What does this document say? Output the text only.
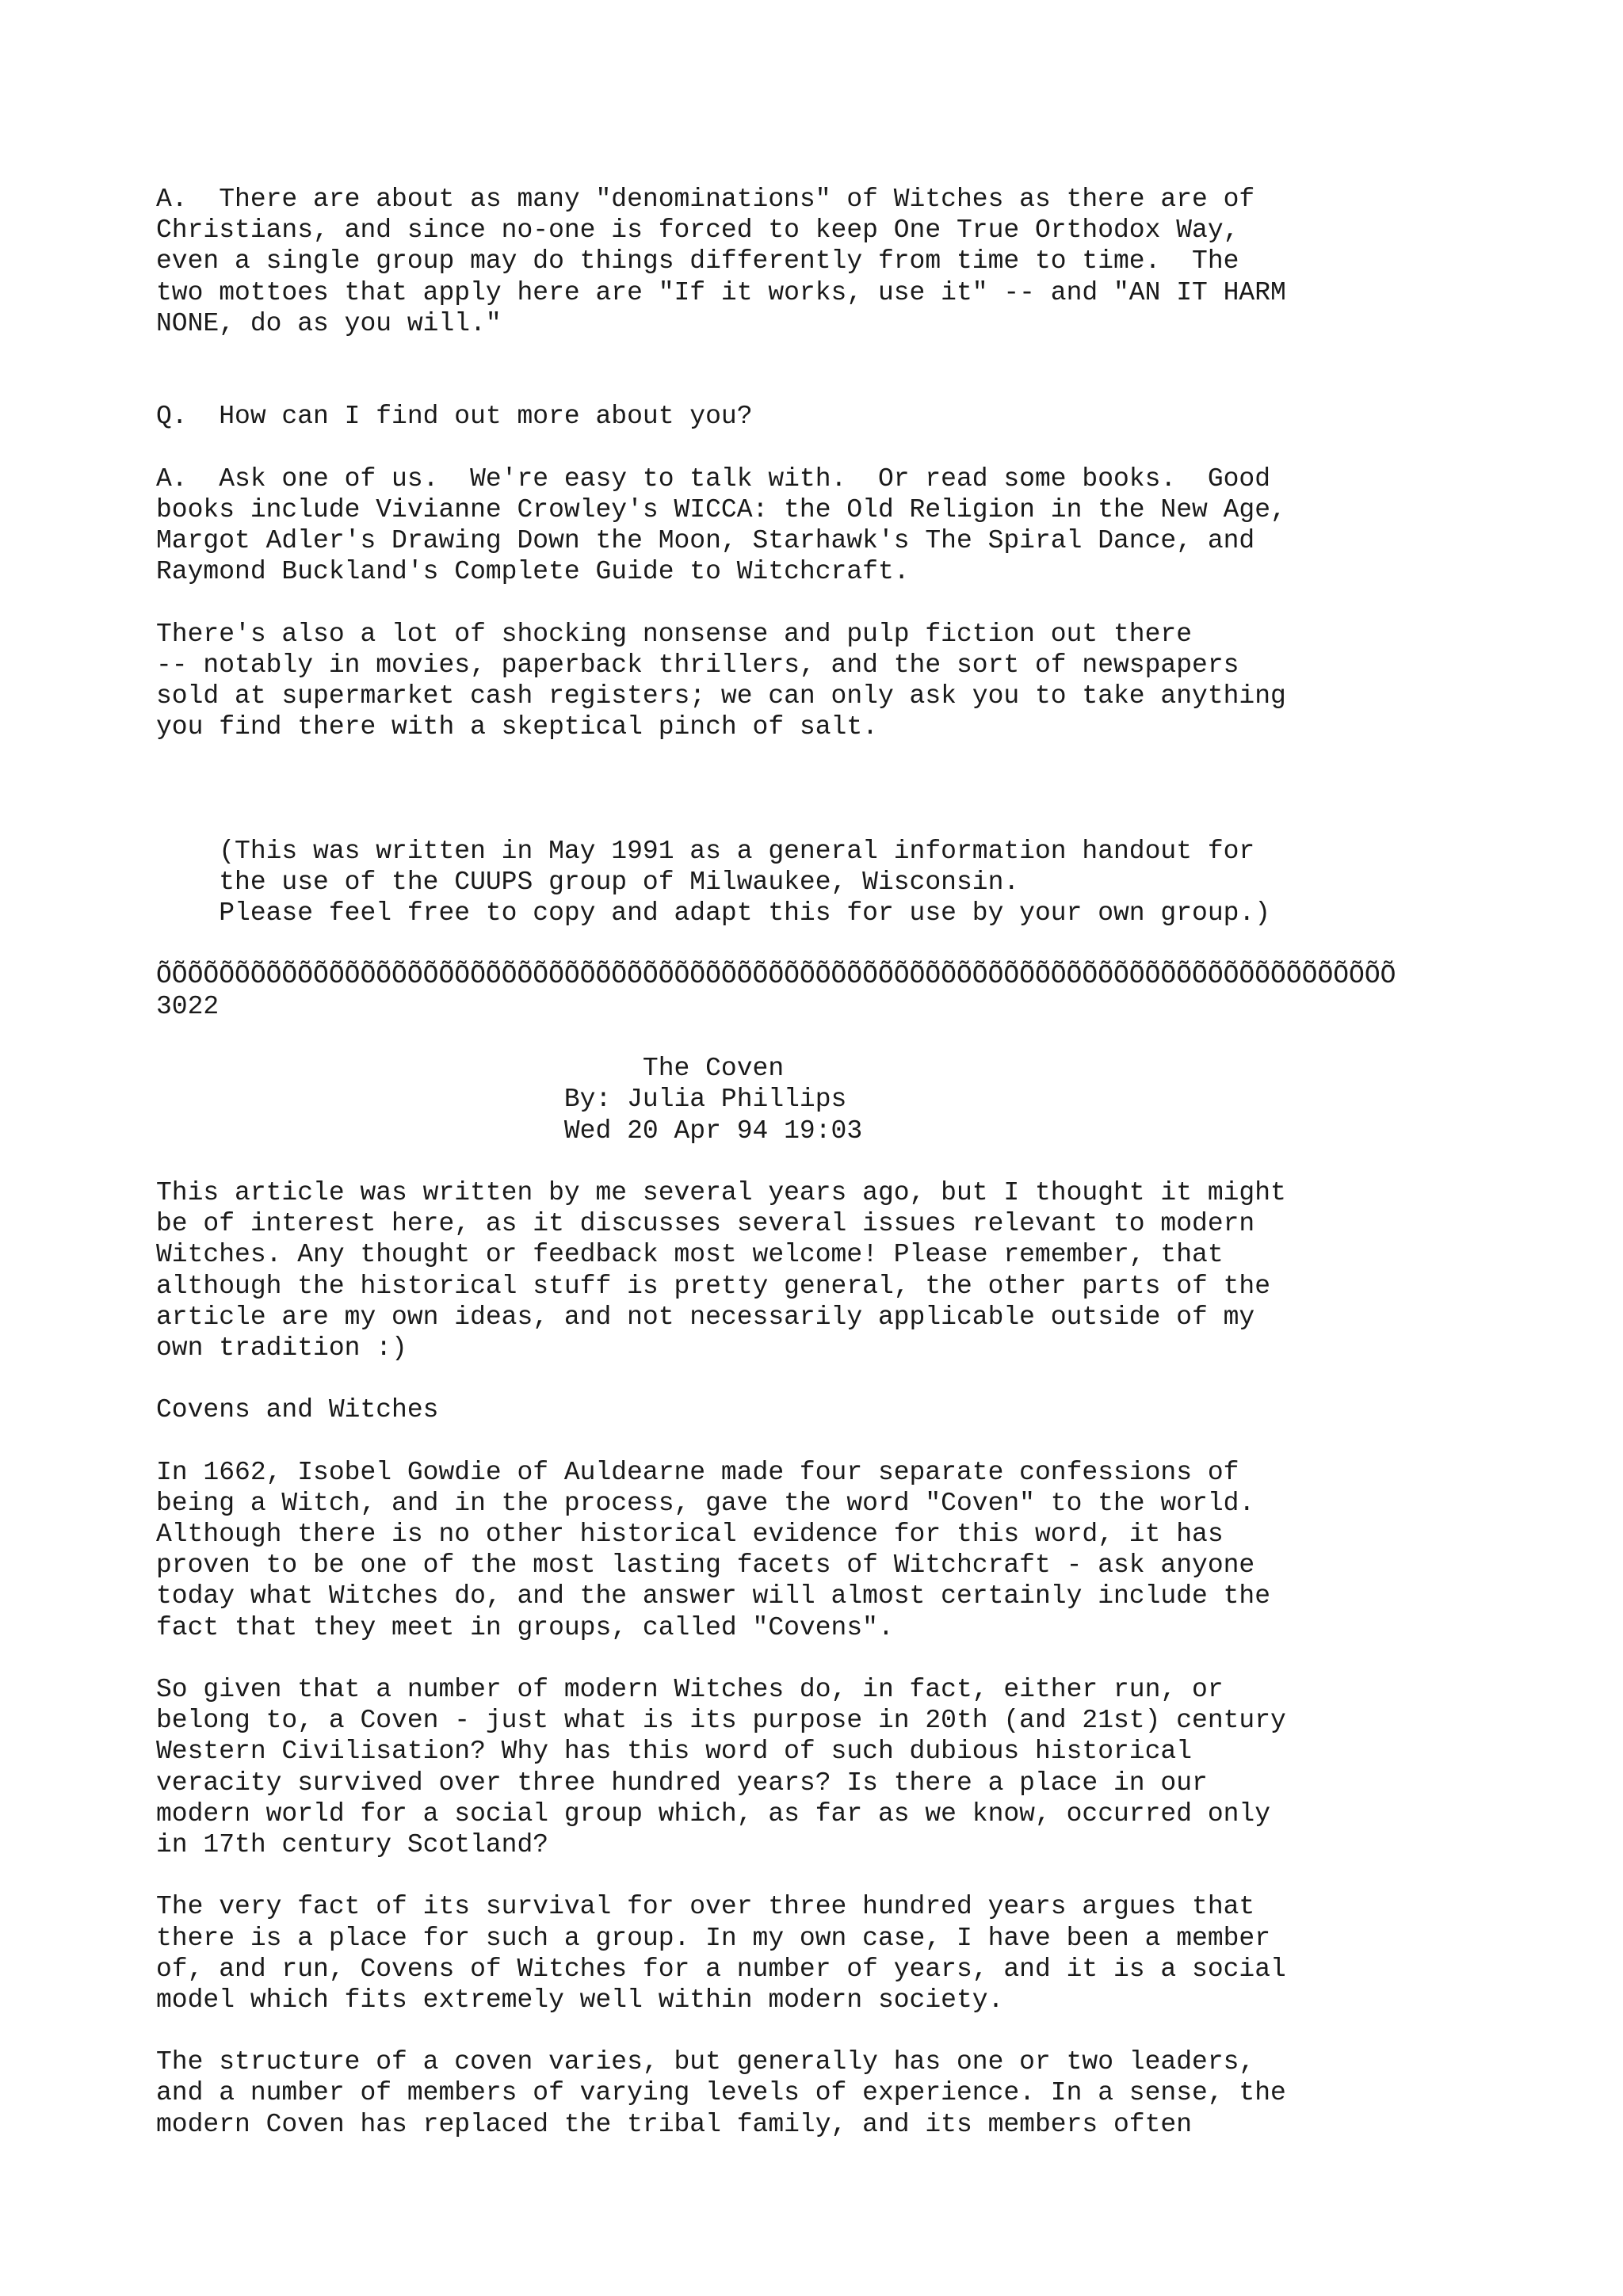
A.  There are about as many "denominations" of Witches as there are of
Christians, and since no-one is forced to keep One True Orthodox Way,
even a single group may do things differently from time to time.  The
two mottoes that apply here are "If it works, use it" -- and "AN IT HARM
NONE, do as you will."
Q.  How can I find out more about you?
A.  Ask one of us.  We're easy to talk with.  Or read some books.  Good
books include Vivianne Crowley's WICCA: the Old Religion in the New Age,
Margot Adler's Drawing Down the Moon, Starhawk's The Spiral Dance, and
Raymond Buckland's Complete Guide to Witchcraft.
There's also a lot of shocking nonsense and pulp fiction out there
-- notably in movies, paperback thrillers, and the sort of newspapers
sold at supermarket cash registers; we can only ask you to take anything
you find there with a skeptical pinch of salt.
(This was written in May 1991 as a general information handout for
the use of the CUUPS group of Milwaukee, Wisconsin.
Please feel free to copy and adapt this for use by your own group.)
ÕÕÕÕÕÕÕÕÕÕÕÕÕÕÕÕÕÕÕÕÕÕÕÕÕÕÕÕÕÕÕÕÕÕÕÕÕÕÕÕÕÕÕÕÕÕÕÕÕÕÕÕÕÕÕÕÕÕÕÕÕÕÕÕÕÕÕÕÕÕÕÕÕÕÕÕÕÕÕ
3022
The Coven
By: Julia Phillips
Wed 20 Apr 94 19:03
This article was written by me several years ago, but I thought it might
be of interest here, as it discusses several issues relevant to modern
Witches. Any thought or feedback most welcome! Please remember, that
although the historical stuff is pretty general, the other parts of the
article are my own ideas, and not necessarily applicable outside of my
own tradition :)
Covens and Witches
In 1662, Isobel Gowdie of Auldearne made four separate confessions of
being a Witch, and in the process, gave the word "Coven" to the world.
Although there is no other historical evidence for this word, it has
proven to be one of the most lasting facets of Witchcraft - ask anyone
today what Witches do, and the answer will almost certainly include the
fact that they meet in groups, called "Covens".
So given that a number of modern Witches do, in fact, either run, or
belong to, a Coven - just what is its purpose in 20th (and 21st) century
Western Civilisation? Why has this word of such dubious historical
veracity survived over three hundred years? Is there a place in our
modern world for a social group which, as far as we know, occurred only
in 17th century Scotland?
The very fact of its survival for over three hundred years argues that
there is a place for such a group. In my own case, I have been a member
of, and run, Covens of Witches for a number of years, and it is a social
model which fits extremely well within modern society.
The structure of a coven varies, but generally has one or two leaders,
and a number of members of varying levels of experience. In a sense, the
modern Coven has replaced the tribal family, and its members often
